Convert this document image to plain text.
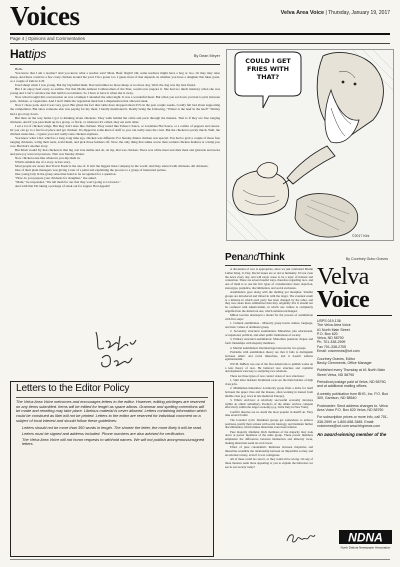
Voices	Velva Area Voice | Thursday, January 19, 2017
Page 4 | Opinions and Commentaries
Hattips	By Dean Meyer

Hello.

You know that I am a teacher? And you know what a teacher eats? Meat. Beef. Right? Oh, some teachers might have a hog or two. Or they may raise sheep. And there could be a few crazy chicken around the yard. I'm a goner too. I guess most of that depends on whether you have a daughter that likes goats, or a couple of kids in 4-H.

Used sheep when I was young. But my big killed them. Dad said either no more sheep or no more dog. Well, the dog was my best friend.

But I do enjoy beef every so awhile. Not that Moths Armour Cattlewoman of the Year, would ever prepare it. She had too much memory when she was young and I can't convince her that lamb is not mutton. So I have to have it when she is away.

Now what brought this conversation on was a bumper I attended the other night. It was a wonderful meal. But when you sat down you had to pick between pork, chicken, or vegetarian. And I don't think the vegetarian meal had a dispensation that allowed steak.

Now I chose pork. And it was very good. But given the fact that cattle have dropped about 25% in the past couple weeks, I really felt bad about supporting the competition. But since someone else was paying for my meal, I hardly mentioned it. Really being the following, "Where is the beef in the beef?" Shirley had a good say down.

But then on the way home I got to thinking about chickens. They walk behind the cattle and peck through the manure. That is if they are free ranging chickens. And if you pass them up in a group, or flock, or whatever it's called, they eat each other.

I eat a lot of chicken wings. But they don't taste like chicken. They tasted like Tabasco Sauce, or Louisiana Hot Sauce, or a combo of peppers and sauces. Or you can go to a fast food place and get chicken. It's dipped in some kind of stuff so you can really taste the crust. But the chicken is pretty much, Well, the chicken tastes like... I guess you can't really taste chicken anymore.

You know what I did, which is a long, long time ago, chicken was different. For Sunday dinner chicken was special. You had to grab a couple of those free ranging chickens, wring their neck, scald them, and pick those feathers off. Now, the only thing that stinks worse than scalded chicken feathers is a lump jaw cow. But that's another story.

But Mom would fry that chicken in that big cast iron skillet and oh, oh my, that was chicken. There was white meat and dark meat and gizzards and necks and pure joy were led potatoes. That was Sunday dinner.

Now chicken taste like whatever you dip them in.

Which reminds me of a story. A true story.

Most people are aware that Travis Feeds is the one of. It isn't the biggest meat company in the world. And they started with chickens. All chickens.

One of their plant managers was giving a tour of a plant and explaining the process to a group of interested parties.

One young lady in the group raised her hand to be recognized for a question.

"How do you prepare your chickens for slaughter," she asked.

"Mam," he responded, "We tell them for our that they won't going to Colorado."

And with that I'm taking a package of steak out for supper. Bon Appetit!

Letters to the Editor Policy

The Velva Area Voice welcomes and encourages letters to the editor. However, editing privileges are reserved on any items submitted. Items will be edited for length as space allows. Grammar and spelling corrections will be made and rewriting may take place. Libelous material is never allowed. Letters containing information which could be construed as libel will not be printed. Letters to the editor are reserved for individual comment on a subject of local interest and should follow these guidelines:

• Letters should not be more than 350 words in length. The shorter the letter, the more likely it will be read.
• Letters must be signed and address included. Phone numbers are also advised for verification.
• The Velva Area Voice will not honor requests to withhold names. We will not publish anonymous/unsigned letters.
COULD I GET FRIES WITH THAT?
©2017 Kirk
PenandThink	By Courtney Gubo Graves

A discussion of race is appropriate, since we just celebrated Martin Luther King, Jr. Day. Racial issues are as old as humanity. It's not even the news every day, and will never cease to be a topic of interest and contention. There are several useful ways. therefore regarding race, and one of them is to use the five types of consideration: mere objection, stereotype, prejudice, discrimination, and social exclusion.

Assimilation goes along with the melting pot metaphor. Smaller groups are introduced and mixed in with the larger. The eventual result is a mixture in which each party has been changed by the other, and they now share more similarities than they originally did. It should not be confused with Americanism, in which one culture is completely engulfed into the American one, which remains unchanged.

Milton Gordon developed a model for the process of assimilation with five steps:

1. Cultural assimilation - Minority group learns culture, language, and basic values of dominant group.

2. Secondary structural assimilation: Minorities join educational, occupational, political, and other public institutions of society.

3. Primary structural assimilation: Minorities penetrate cliques and form friendships with majority members.

4. Marital assimilation: Intermarriage between the two groups.

Problems with assimilation theory are that it fails to distinguish between ethnic and racial minorities, and it doesn't address egalitarianism.

W.E.B. DuBois was one of the first Americans to publish works on a lens theory of race. He believed race structure and capitalist developments were key to analyzing race relations.

There are three types of race contact states of race structures:

1. Split labor markets: Dominant races are the main holders of high class jobs.

2. Middleman minorities: A minority group finds a niche for itself between the upper class and the masses, often working in trusted from middle class (e.g. Jews in late medieval Europe).

3. Ethnic enclaves: A relatively successful economy develops within an ethnic subsidiary. Products of the ethnic enclave compete effectively within the larger economy (e.g. Little Italy in New York).

Conflict theories are no doubt the most popular in sheriff an. They take several forms:

The Colonial cycle: Dominant groups get somewhere to enforce positions, justify their actions with social ideology, and maintain further discrimination, which makes minorities even more inferior.

Pure majority dilemma: Rich members of the majority may look down at poorer members of the same group. These poorer members emphasize the differences between themselves and minority races, making minorities seem an even lower.

Effect of pure colonialism: Relations between majorities and minorities resemble the relationship between an imperialist society and an external colony, even if it was contiguous.

All of these could be correct, or they could all be wrong. On any of these theories seem more appealing to you to explain the behaviors we see in our society today?

Velva
Voice
USPS 019-136
The Velva Area Voice
#1 North Main Street
P.O. Box 620
Velva, ND 58790
Ph. 701-338-2599
Fax 701-338-2705
Email: voicenews@srt.com
Courtney Graves, Editor
Becky Clemments, Office Manager
Published every Thursday at #1 North Main Street Velva, ND 58790
Periodical postage paid at Velva, ND 58790, and at additional mailing offices.
A weekly publication from BHG, Inc. P.O. Box 309, Garrison, ND 58540
Postmaster: Send address changes to: Velva Area Voice P.O. Box 620 Velva, ND 58790
For subscription prices or more info, call 701-338-2599 or 1-800-658-3485. Email: voicenews@srt.com www.bhgnews.com
An award-winning member of the
NDNA
North Dakota Newspaper Association
